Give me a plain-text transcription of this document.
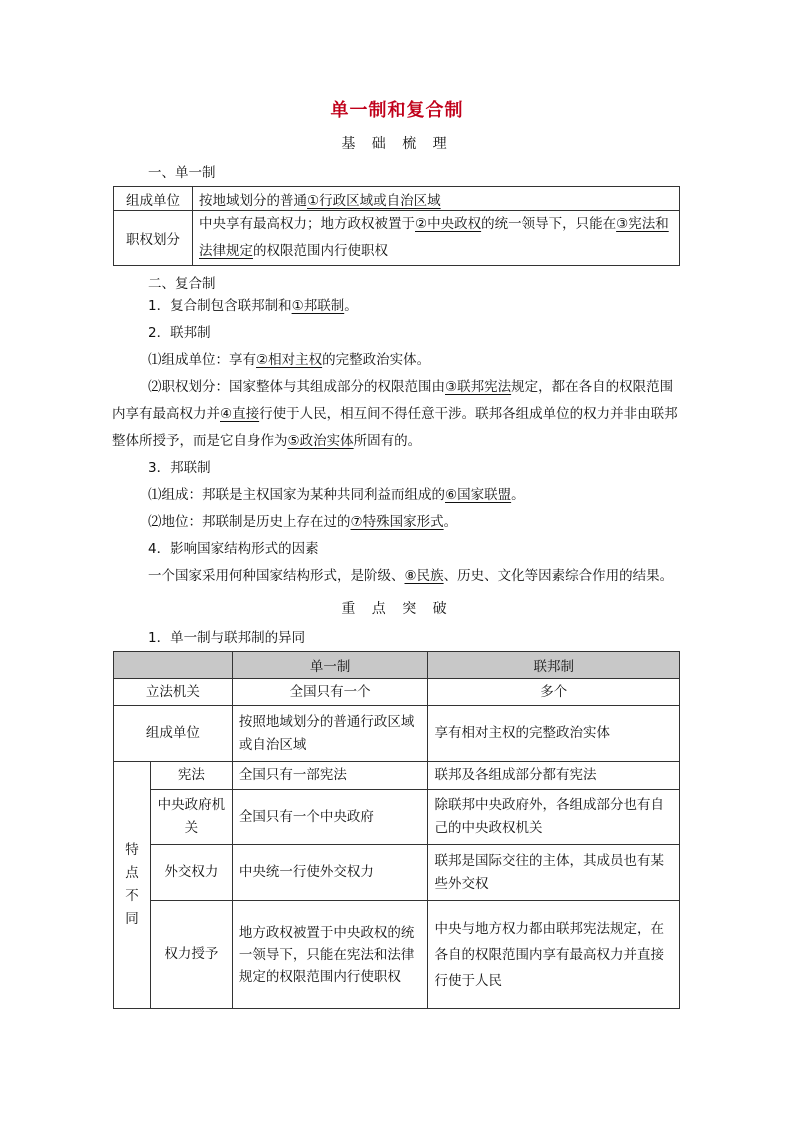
单一制和复合制
基 础 梳 理
一、单一制
组成单位	按地域划分的普通①行政区域或自治区域
职权划分	中央享有最高权力；地方政权被置于②中央政权的统一领导下，只能在③宪法和法律规定的权限范围内行使职权
二、复合制
1．复合制包含联邦制和①邦联制。
2．联邦制
⑴组成单位：享有②相对主权的完整政治实体。
⑵职权划分：国家整体与其组成部分的权限范围由③联邦宪法规定，都在各自的权限范围内享有最高权力并④直接行使于人民，相互间不得任意干涉。联邦各组成单位的权力并非由联邦整体所授予，而是它自身作为⑤政治实体所固有的。
3．邦联制
⑴组成：邦联是主权国家为某种共同利益而组成的⑥国家联盟。
⑵地位：邦联制是历史上存在过的⑦特殊国家形式。
4．影响国家结构形式的因素
一个国家采用何种国家结构形式，是阶级、⑧民族、历史、文化等因素综合作用的结果。
重 点 突 破
1．单一制与联邦制的异同
		单一制	联邦制
立法机关		全国只有一个	多个
组成单位		按照地域划分的普通行政区域或自治区域	享有相对主权的完整政治实体

特
点
不
同	宪法	全国只有一部宪法	联邦及各组成部分都有宪法
	中央政府机关	全国只有一个中央政府	除联邦中央政府外，各组成部分也有自己的中央政权机关
	外交权力	中央统一行使外交权力	联邦是国际交往的主体，其成员也有某些外交权
	权力授予	地方政权被置于中央政权的统一领导下，只能在宪法和法律规定的权限范围内行使职权	中央与地方权力都由联邦宪法规定，在各自的权限范围内享有最高权力并直接行使于人民
